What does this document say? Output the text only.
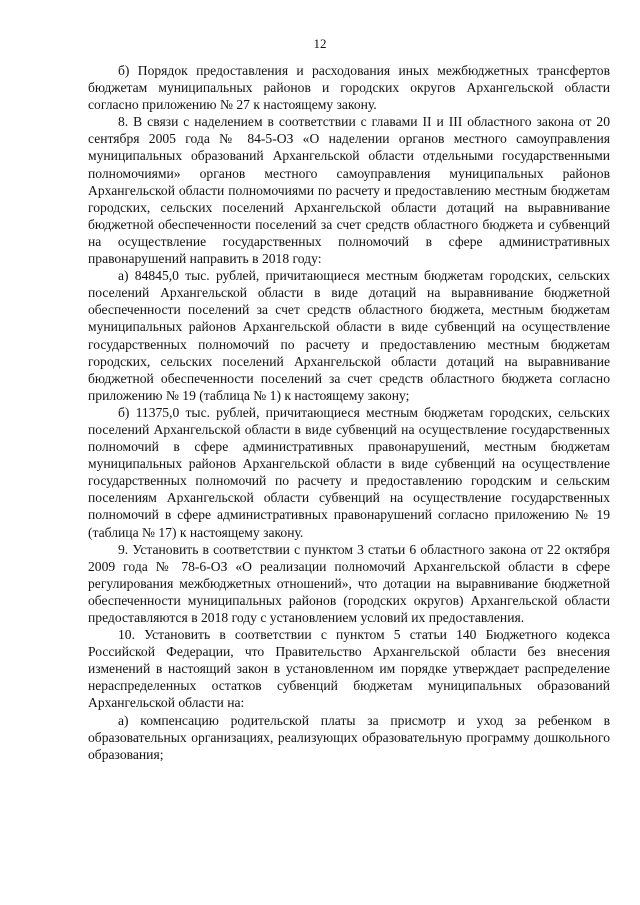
12

б) Порядок предоставления и расходования иных межбюджетных трансфертов бюджетам муниципальных районов и городских округов Архангельской области согласно приложению № 27 к настоящему закону.

8. В связи с наделением в соответствии с главами II и III областного закона от 20 сентября 2005 года № 84-5-ОЗ «О наделении органов местного самоуправления муниципальных образований Архангельской области отдельными государственными полномочиями» органов местного самоуправления муниципальных районов Архангельской области полномочиями по расчету и предоставлению местным бюджетам городских, сельских поселений Архангельской области дотаций на выравнивание бюджетной обеспеченности поселений за счет средств областного бюджета и субвенций на осуществление государственных полномочий в сфере административных правонарушений направить в 2018 году:

а) 84845,0 тыс. рублей, причитающиеся местным бюджетам городских, сельских поселений Архангельской области в виде дотаций на выравнивание бюджетной обеспеченности поселений за счет средств областного бюджета, местным бюджетам муниципальных районов Архангельской области в виде субвенций на осуществление государственных полномочий по расчету и предоставлению местным бюджетам городских, сельских поселений Архангельской области дотаций на выравнивание бюджетной обеспеченности поселений за счет средств областного бюджета согласно приложению № 19 (таблица № 1) к настоящему закону;

б) 11375,0 тыс. рублей, причитающиеся местным бюджетам городских, сельских поселений Архангельской области в виде субвенций на осуществление государственных полномочий в сфере административных правонарушений, местным бюджетам муниципальных районов Архангельской области в виде субвенций на осуществление государственных полномочий по расчету и предоставлению городским и сельским поселениям Архангельской области субвенций на осуществление государственных полномочий в сфере административных правонарушений согласно приложению № 19 (таблица № 17) к настоящему закону.

9. Установить в соответствии с пунктом 3 статьи 6 областного закона от 22 октября 2009 года № 78-6-ОЗ «О реализации полномочий Архангельской области в сфере регулирования межбюджетных отношений», что дотации на выравнивание бюджетной обеспеченности муниципальных районов (городских округов) Архангельской области предоставляются в 2018 году с установлением условий их предоставления.

10. Установить в соответствии с пунктом 5 статьи 140 Бюджетного кодекса Российской Федерации, что Правительство Архангельской области без внесения изменений в настоящий закон в установленном им порядке утверждает распределение нераспределенных остатков субвенций бюджетам муниципальных образований Архангельской области на:

а) компенсацию родительской платы за присмотр и уход за ребенком в образовательных организациях, реализующих образовательную программу дошкольного образования;
